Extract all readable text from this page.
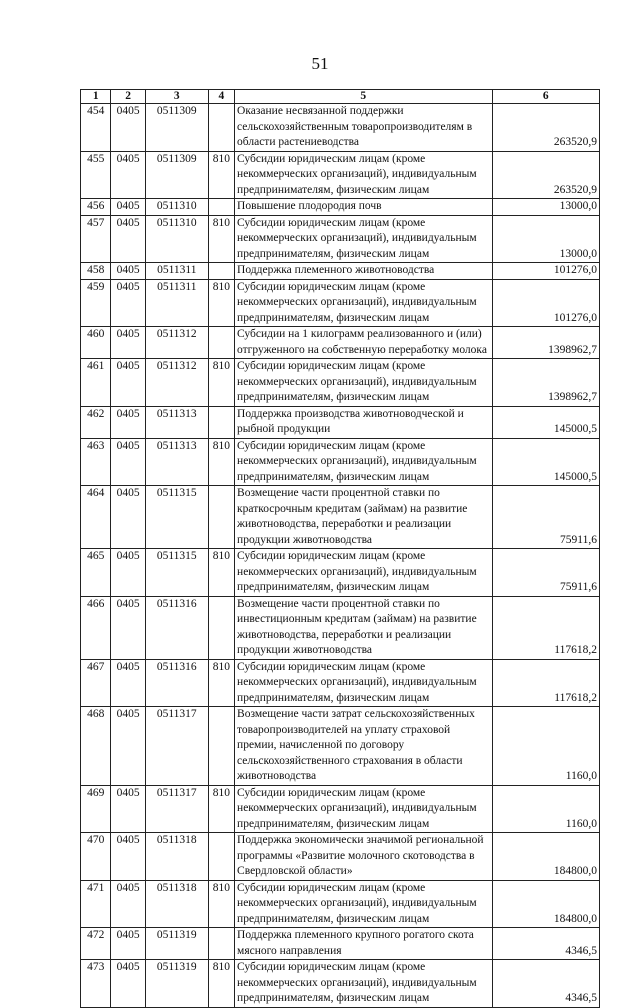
51
1	2	3	4	5	6
454	0405	0511309		Оказание несвязанной поддержки сельскохозяйственным товаропроизводителям в области растениеводства	263520,9
455	0405	0511309	810	Субсидии юридическим лицам (кроме некоммерческих организаций), индивидуальным предпринимателям, физическим лицам	263520,9
456	0405	0511310		Повышение плодородия почв	13000,0
457	0405	0511310	810	Субсидии юридическим лицам (кроме некоммерческих организаций), индивидуальным предпринимателям, физическим лицам	13000,0
458	0405	0511311		Поддержка племенного животноводства	101276,0
459	0405	0511311	810	Субсидии юридическим лицам (кроме некоммерческих организаций), индивидуальным предпринимателям, физическим лицам	101276,0
460	0405	0511312		Субсидии на 1 килограмм реализованного и (или) отгруженного на собственную переработку молока	1398962,7
461	0405	0511312	810	Субсидии юридическим лицам (кроме некоммерческих организаций), индивидуальным предпринимателям, физическим лицам	1398962,7
462	0405	0511313		Поддержка производства животноводческой и рыбной продукции	145000,5
463	0405	0511313	810	Субсидии юридическим лицам (кроме некоммерческих организаций), индивидуальным предпринимателям, физическим лицам	145000,5
464	0405	0511315		Возмещение части процентной ставки по краткосрочным кредитам (займам) на развитие животноводства, переработки и реализации продукции животноводства	75911,6
465	0405	0511315	810	Субсидии юридическим лицам (кроме некоммерческих организаций), индивидуальным предпринимателям, физическим лицам	75911,6
466	0405	0511316		Возмещение части процентной ставки по инвестиционным кредитам (займам) на развитие животноводства, переработки и реализации продукции животноводства	117618,2
467	0405	0511316	810	Субсидии юридическим лицам (кроме некоммерческих организаций), индивидуальным предпринимателям, физическим лицам	117618,2
468	0405	0511317		Возмещение части затрат сельскохозяйственных товаропроизводителей на уплату страховой премии, начисленной по договору сельскохозяйственного страхования в области животноводства	1160,0
469	0405	0511317	810	Субсидии юридическим лицам (кроме некоммерческих организаций), индивидуальным предпринимателям, физическим лицам	1160,0
470	0405	0511318		Поддержка экономически значимой региональной программы «Развитие молочного скотоводства в Свердловской области»	184800,0
471	0405	0511318	810	Субсидии юридическим лицам (кроме некоммерческих организаций), индивидуальным предпринимателям, физическим лицам	184800,0
472	0405	0511319		Поддержка племенного крупного рогатого скота мясного направления	4346,5
473	0405	0511319	810	Субсидии юридическим лицам (кроме некоммерческих организаций), индивидуальным предпринимателям, физическим лицам	4346,5
